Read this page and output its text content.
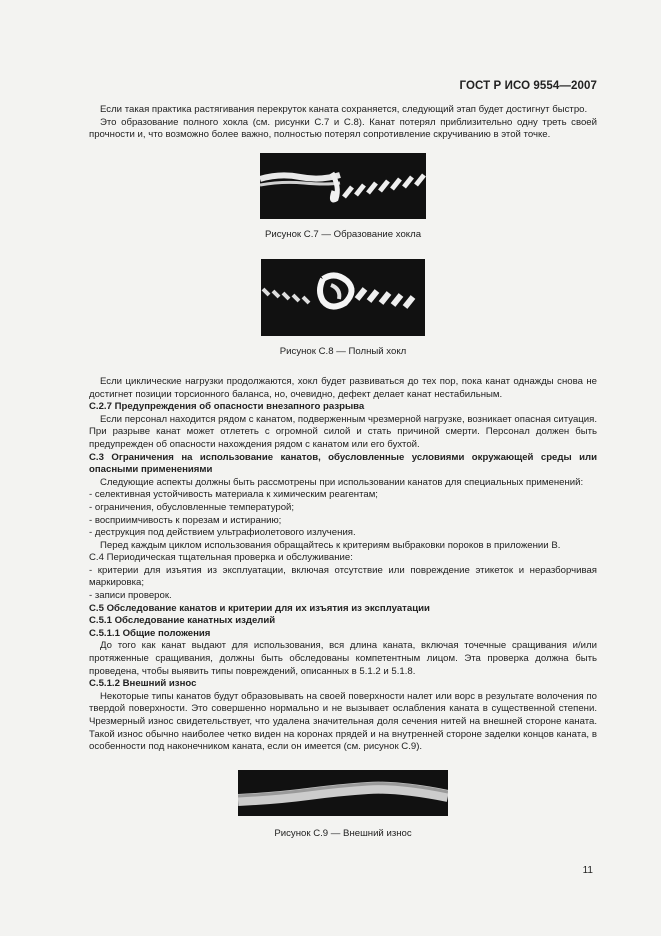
ГОСТ Р ИСО 9554—2007

Если такая практика растягивания перекруток каната сохраняется, следующий этап будет достигнут быстро.

Это образование полного хокла (см. рисунки С.7 и С.8). Канат потерял приблизительно одну треть своей прочности и, что возможно более важно, полностью потерял сопротивление скручиванию в этой точке.

Рисунок С.7 — Образование хокла

Рисунок С.8 — Полный хокл

Если циклические нагрузки продолжаются, хокл будет развиваться до тех пор, пока канат однажды снова не достигнет позиции торсионного баланса, но, очевидно, дефект делает канат нестабильным.

С.2.7 Предупреждения об опасности внезапного разрыва

Если персонал находится рядом с канатом, подверженным чрезмерной нагрузке, возникает опасная ситуация. При разрыве канат может отлететь с огромной силой и стать причиной смерти. Персонал должен быть предупрежден об опасности нахождения рядом с канатом или его бухтой.

С.3 Ограничения на использование канатов, обусловленные условиями окружающей среды или опасными применениями

Следующие аспекты должны быть рассмотрены при использовании канатов для специальных применений:

- селективная устойчивость материала к химическим реагентам;

- ограничения, обусловленные температурой;

- восприимчивость к порезам и истиранию;

- деструкция под действием ультрафиолетового излучения.

Перед каждым циклом использования обращайтесь к критериям выбраковки пороков в приложении В.

С.4 Периодическая тщательная проверка и обслуживание:

- критерии для изъятия из эксплуатации, включая отсутствие или повреждение этикеток и неразборчивая маркировка;

- записи проверок.

С.5 Обследование канатов и критерии для их изъятия из эксплуатации

С.5.1 Обследование канатных изделий

С.5.1.1 Общие положения

До того как канат выдают для использования, вся длина каната, включая точечные сращивания и/или протяженные сращивания, должны быть обследованы компетентным лицом. Эта проверка должна быть проведена, чтобы выявить типы повреждений, описанных в 5.1.2 и 5.1.8.

С.5.1.2 Внешний износ

Некоторые типы канатов будут образовывать на своей поверхности налет или ворс в результате волочения по твердой поверхности. Это совершенно нормально и не вызывает ослабления каната в существенной степени. Чрезмерный износ свидетельствует, что удалена значительная доля сечения нитей на внешней стороне каната. Такой износ обычно наиболее четко виден на коронах прядей и на внутренней стороне заделки концов каната, в особенности под наконечником каната, если он имеется (см. рисунок С.9).

Рисунок С.9 — Внешний износ

11
